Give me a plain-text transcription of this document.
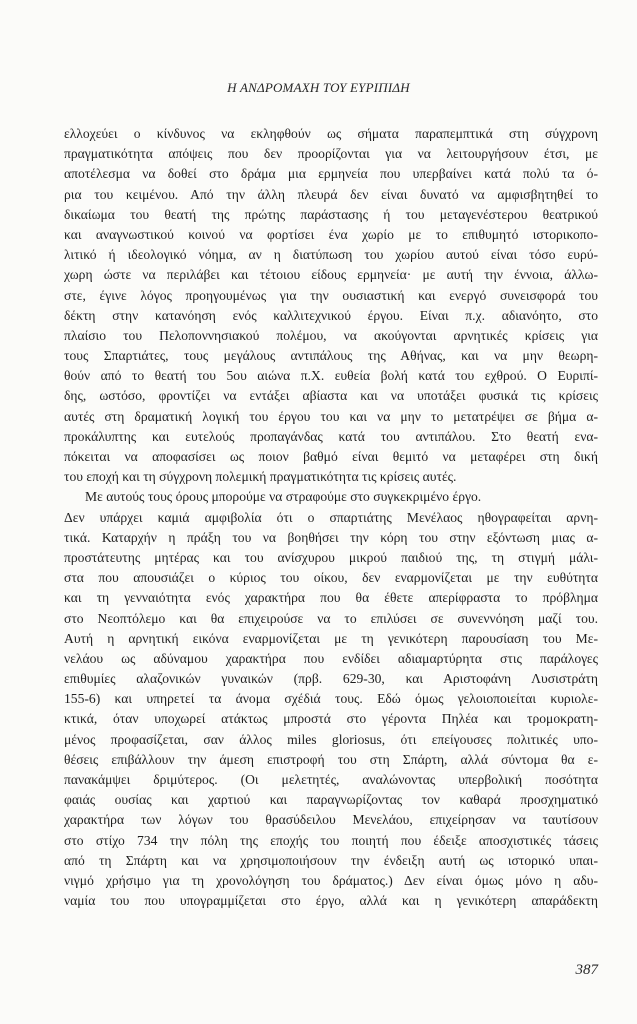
Η ΑΝΔΡΟΜΑΧΗ ΤΟΥ ΕΥΡΙΠΙΔΗ
ελλοχεύει ο κίνδυνος να εκληφθούν ως σήματα παραπεμπτικά στη σύγχρονη
πραγματικότητα απόψεις που δεν προορίζονται για να λειτουργήσουν έτσι, με
αποτέλεσμα να δοθεί στο δράμα μια ερμηνεία που υπερβαίνει κατά πολύ τα ό-
ρια του κειμένου. Από την άλλη πλευρά δεν είναι δυνατό να αμφισβητηθεί το
δικαίωμα του θεατή της πρώτης παράστασης ή του μεταγενέστερου θεατρικού
και αναγνωστικού κοινού να φορτίσει ένα χωρίο με το επιθυμητό ιστορικοπο-
λιτικό ή ιδεολογικό νόημα, αν η διατύπωση του χωρίου αυτού είναι τόσο ευρύ-
χωρη ώστε να περιλάβει και τέτοιου είδους ερμηνεία· με αυτή την έννοια, άλλω-
στε, έγινε λόγος προηγουμένως για την ουσιαστική και ενεργό συνεισφορά του
δέκτη στην κατανόηση ενός καλλιτεχνικού έργου. Είναι π.χ. αδιανόητο, στο
πλαίσιο του Πελοποννησιακού πολέμου, να ακούγονται αρνητικές κρίσεις για
τους Σπαρτιάτες, τους μεγάλους αντιπάλους της Αθήνας, και να μην θεωρη-
θούν από το θεατή του 5ου αιώνα π.Χ. ευθεία βολή κατά του εχθρού. Ο Ευριπί-
δης, ωστόσο, φροντίζει να εντάξει αβίαστα και να υποτάξει φυσικά τις κρίσεις
αυτές στη δραματική λογική του έργου του και να μην το μετατρέψει σε βήμα α-
προκάλυπτης και ευτελούς προπαγάνδας κατά του αντιπάλου. Στο θεατή ενα-
πόκειται να αποφασίσει ως ποιον βαθμό είναι θεμιτό να μεταφέρει στη δική
του εποχή και τη σύγχρονη πολεμική πραγματικότητα τις κρίσεις αυτές.
Με αυτούς τους όρους μπορούμε να στραφούμε στο συγκεκριμένο έργο.
Δεν υπάρχει καμιά αμφιβολία ότι ο σπαρτιάτης Μενέλαος ηθογραφείται αρνη-
τικά. Καταρχήν η πράξη του να βοηθήσει την κόρη του στην εξόντωση μιας α-
προστάτευτης μητέρας και του ανίσχυρου μικρού παιδιού της, τη στιγμή μάλι-
στα που απουσιάζει ο κύριος του οίκου, δεν εναρμονίζεται με την ευθύτητα
και τη γενναιότητα ενός χαρακτήρα που θα έθετε απερίφραστα το πρόβλημα
στο Νεοπτόλεμο και θα επιχειρούσε να το επιλύσει σε συνεννόηση μαζί του.
Αυτή η αρνητική εικόνα εναρμονίζεται με τη γενικότερη παρουσίαση του Με-
νελάου ως αδύναμου χαρακτήρα που ενδίδει αδιαμαρτύρητα στις παράλογες
επιθυμίες αλαζονικών γυναικών (πρβ. 629-30, και Αριστοφάνη Λυσιστράτη
155-6) και υπηρετεί τα άνομα σχέδιά τους. Εδώ όμως γελοιοποιείται κυριολε-
κτικά, όταν υποχωρεί ατάκτως μπροστά στο γέροντα Πηλέα και τρομοκρατη-
μένος προφασίζεται, σαν άλλος miles gloriosus, ότι επείγουσες πολιτικές υπο-
θέσεις επιβάλλουν την άμεση επιστροφή του στη Σπάρτη, αλλά σύντομα θα ε-
πανακάμψει δριμύτερος. (Οι μελετητές, αναλώνοντας υπερβολική ποσότητα
φαιάς ουσίας και χαρτιού και παραγνωρίζοντας τον καθαρά προσχηματικό
χαρακτήρα των λόγων του θρασύδειλου Μενελάου, επιχείρησαν να ταυτίσουν
στο στίχο 734 την πόλη της εποχής του ποιητή που έδειξε αποσχιστικές τάσεις
από τη Σπάρτη και να χρησιμοποιήσουν την ένδειξη αυτή ως ιστορικό υπαι-
νιγμό χρήσιμο για τη χρονολόγηση του δράματος.) Δεν είναι όμως μόνο η αδυ-
ναμία του που υπογραμμίζεται στο έργο, αλλά και η γενικότερη απαράδεκτη
387
